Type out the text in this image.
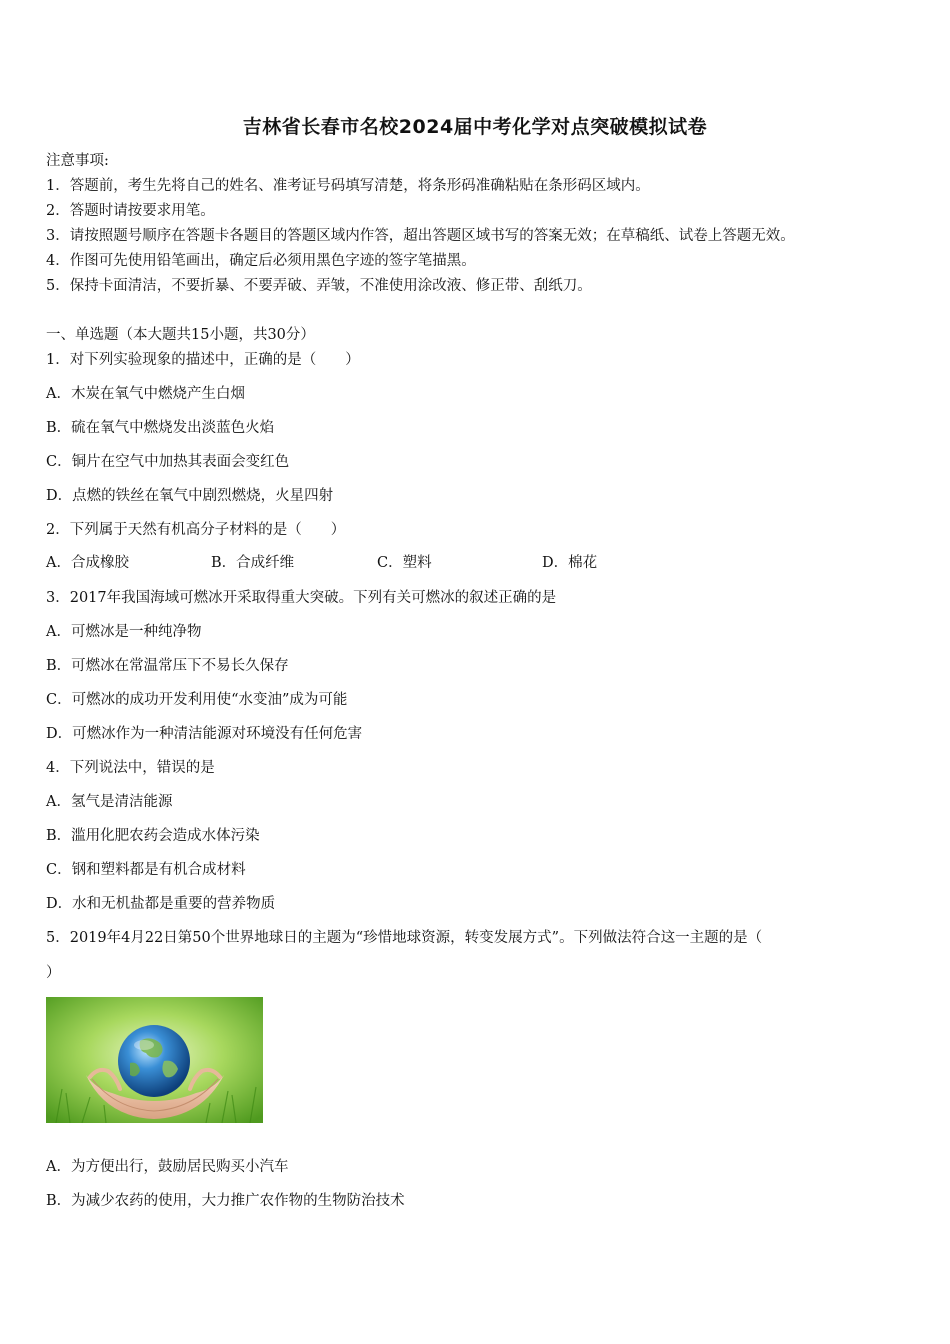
吉林省长春市名校2024届中考化学对点突破模拟试卷
注意事项:
1．答题前，考生先将自己的姓名、准考证号码填写清楚，将条形码准确粘贴在条形码区域内。
2．答题时请按要求用笔。
3．请按照题号顺序在答题卡各题目的答题区域内作答，超出答题区域书写的答案无效；在草稿纸、试卷上答题无效。
4．作图可先使用铅笔画出，确定后必须用黑色字迹的签字笔描黑。
5．保持卡面清洁，不要折暴、不要弄破、弄皱，不准使用涂改液、修正带、刮纸刀。
一、单选题（本大题共15小题，共30分）
1．对下列实验现象的描述中，正确的是（　　）
A．木炭在氧气中燃烧产生白烟
B．硫在氧气中燃烧发出淡蓝色火焰
C．铜片在空气中加热其表面会变红色
D．点燃的铁丝在氧气中剧烈燃烧，火星四射
2．下列属于天然有机高分子材料的是（　　）
A．合成橡胶	B．合成纤维	C．塑料	D．棉花
3．2017年我国海域可燃冰开采取得重大突破。下列有关可燃冰的叙述正确的是
A．可燃冰是一种纯净物
B．可燃冰在常温常压下不易长久保存
C．可燃冰的成功开发利用使“水变油”成为可能
D．可燃冰作为一种清洁能源对环境没有任何危害
4．下列说法中，错误的是
A．氢气是清洁能源
B．滥用化肥农药会造成水体污染
C．钢和塑料都是有机合成材料
D．水和无机盐都是重要的营养物质
5．2019年4月22日第50个世界地球日的主题为“珍惜地球资源，转变发展方式”。下列做法符合这一主题的是（
）
A．为方便出行，鼓励居民购买小汽车
B．为减少农药的使用，大力推广农作物的生物防治技术
